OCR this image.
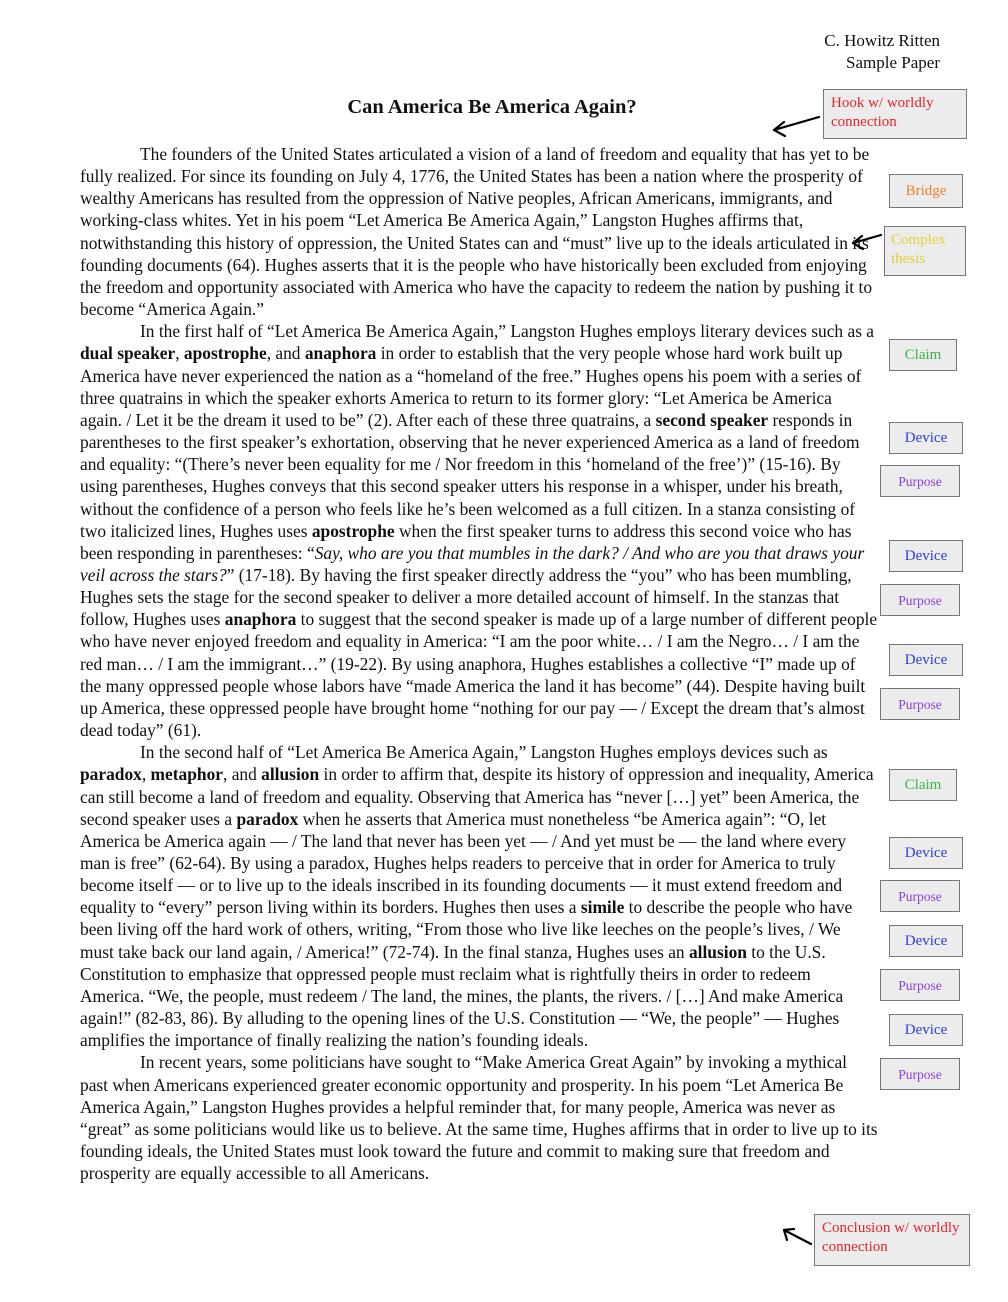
C. Howitz Ritten
Sample Paper
Can America Be America Again?

The founders of the United States articulated a vision of a land of freedom and equality that has yet to be fully realized. For since its founding on July 4, 1776, the United States has been a nation where the prosperity of wealthy Americans has resulted from the oppression of Native peoples, African Americans, immigrants, and working-class whites. Yet in his poem “Let America Be America Again,” Langston Hughes affirms that, notwithstanding this history of oppression, the United States can and “must” live up to the ideals articulated in its founding documents (64). Hughes asserts that it is the people who have historically been excluded from enjoying the freedom and opportunity associated with America who have the capacity to redeem the nation by pushing it to become “America Again.”

In the first half of “Let America Be America Again,” Langston Hughes employs literary devices such as a dual speaker, apostrophe, and anaphora in order to establish that the very people whose hard work built up America have never experienced the nation as a “homeland of the free.” Hughes opens his poem with a series of three quatrains in which the speaker exhorts America to return to its former glory: “Let America be America again. / Let it be the dream it used to be” (2). After each of these three quatrains, a second speaker responds in parentheses to the first speaker’s exhortation, observing that he never experienced America as a land of freedom and equality: “(There’s never been equality for me / Nor freedom in this ‘homeland of the free’)” (15-16). By using parentheses, Hughes conveys that this second speaker utters his response in a whisper, under his breath, without the confidence of a person who feels like he’s been welcomed as a full citizen. In a stanza consisting of two italicized lines, Hughes uses apostrophe when the first speaker turns to address this second voice who has been responding in parentheses: “Say, who are you that mumbles in the dark? / And who are you that draws your veil across the stars?” (17-18). By having the first speaker directly address the “you” who has been mumbling, Hughes sets the stage for the second speaker to deliver a more detailed account of himself. In the stanzas that follow, Hughes uses anaphora to suggest that the second speaker is made up of a large number of different people who have never enjoyed freedom and equality in America: “I am the poor white… / I am the Negro… / I am the red man… / I am the immigrant…” (19-22). By using anaphora, Hughes establishes a collective “I” made up of the many oppressed people whose labors have “made America the land it has become” (44). Despite having built up America, these oppressed people have brought home “nothing for our pay — / Except the dream that’s almost dead today” (61).

In the second half of “Let America Be America Again,” Langston Hughes employs devices such as paradox, metaphor, and allusion in order to affirm that, despite its history of oppression and inequality, America can still become a land of freedom and equality. Observing that America has “never […] yet” been America, the second speaker uses a paradox when he asserts that America must nonetheless “be America again”: “O, let America be America again — / The land that never has been yet — / And yet must be — the land where every man is free” (62-64). By using a paradox, Hughes helps readers to perceive that in order for America to truly become itself — or to live up to the ideals inscribed in its founding documents — it must extend freedom and equality to “every” person living within its borders. Hughes then uses a simile to describe the people who have been living off the hard work of others, writing, “From those who live like leeches on the people’s lives, / We must take back our land again, / America!” (72-74). In the final stanza, Hughes uses an allusion to the U.S. Constitution to emphasize that oppressed people must reclaim what is rightfully theirs in order to redeem America. “We, the people, must redeem / The land, the mines, the plants, the rivers. / […] And make America again!” (82-83, 86). By alluding to the opening lines of the U.S. Constitution — “We, the people” — Hughes amplifies the importance of finally realizing the nation’s founding ideals.

In recent years, some politicians have sought to “Make America Great Again” by invoking a mythical past when Americans experienced greater economic opportunity and prosperity. In his poem “Let America Be America Again,” Langston Hughes provides a helpful reminder that, for many people, America was never as “great” as some politicians would like us to believe. At the same time, Hughes affirms that in order to live up to its founding ideals, the United States must look toward the future and commit to making sure that freedom and prosperity are equally accessible to all Americans.

Hook w/ worldly connection
Bridge
Complex thesis
Claim
Device
Purpose
Device
Purpose
Device
Purpose
Claim
Device
Purpose
Device
Purpose
Device
Purpose
Conclusion w/ worldly connection
